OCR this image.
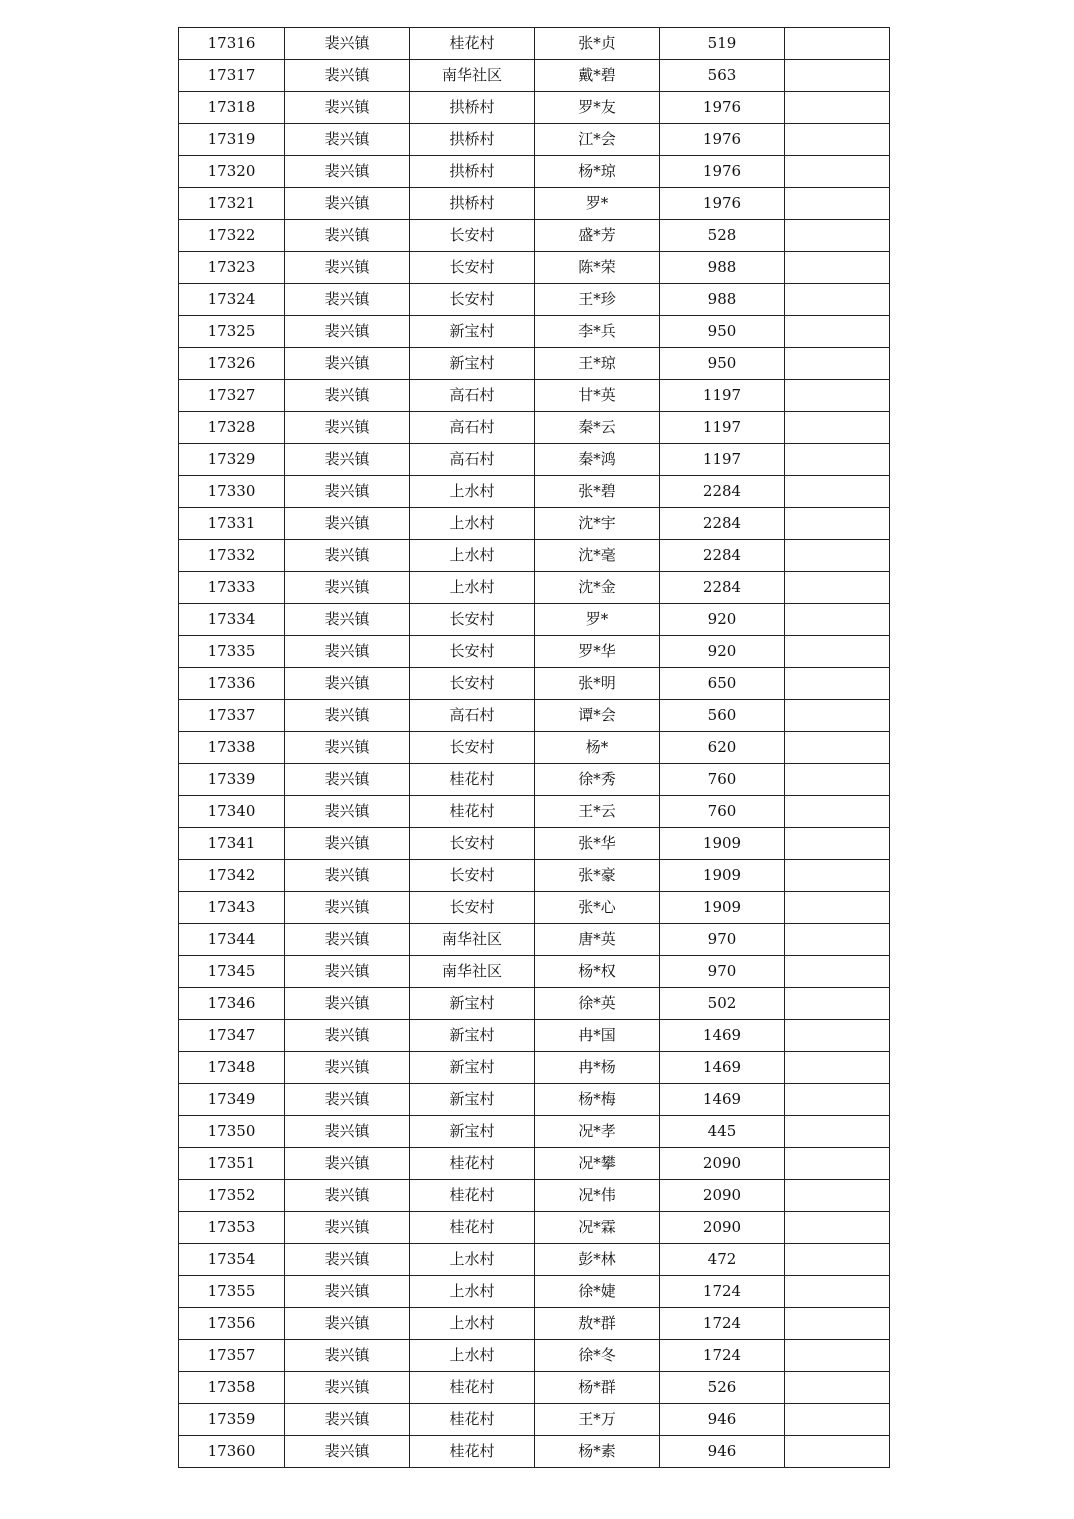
17316	裴兴镇	桂花村	张*贞	519	
17317	裴兴镇	南华社区	戴*碧	563	
17318	裴兴镇	拱桥村	罗*友	1976	
17319	裴兴镇	拱桥村	江*会	1976	
17320	裴兴镇	拱桥村	杨*琼	1976	
17321	裴兴镇	拱桥村	罗*	1976	
17322	裴兴镇	长安村	盛*芳	528	
17323	裴兴镇	长安村	陈*荣	988	
17324	裴兴镇	长安村	王*珍	988	
17325	裴兴镇	新宝村	李*兵	950	
17326	裴兴镇	新宝村	王*琼	950	
17327	裴兴镇	高石村	甘*英	1197	
17328	裴兴镇	高石村	秦*云	1197	
17329	裴兴镇	高石村	秦*鸿	1197	
17330	裴兴镇	上水村	张*碧	2284	
17331	裴兴镇	上水村	沈*宇	2284	
17332	裴兴镇	上水村	沈*毫	2284	
17333	裴兴镇	上水村	沈*金	2284	
17334	裴兴镇	长安村	罗*	920	
17335	裴兴镇	长安村	罗*华	920	
17336	裴兴镇	长安村	张*明	650	
17337	裴兴镇	高石村	谭*会	560	
17338	裴兴镇	长安村	杨*	620	
17339	裴兴镇	桂花村	徐*秀	760	
17340	裴兴镇	桂花村	王*云	760	
17341	裴兴镇	长安村	张*华	1909	
17342	裴兴镇	长安村	张*豪	1909	
17343	裴兴镇	长安村	张*心	1909	
17344	裴兴镇	南华社区	唐*英	970	
17345	裴兴镇	南华社区	杨*权	970	
17346	裴兴镇	新宝村	徐*英	502	
17347	裴兴镇	新宝村	冉*国	1469	
17348	裴兴镇	新宝村	冉*杨	1469	
17349	裴兴镇	新宝村	杨*梅	1469	
17350	裴兴镇	新宝村	况*孝	445	
17351	裴兴镇	桂花村	况*攀	2090	
17352	裴兴镇	桂花村	况*伟	2090	
17353	裴兴镇	桂花村	况*霖	2090	
17354	裴兴镇	上水村	彭*林	472	
17355	裴兴镇	上水村	徐*婕	1724	
17356	裴兴镇	上水村	敖*群	1724	
17357	裴兴镇	上水村	徐*冬	1724	
17358	裴兴镇	桂花村	杨*群	526	
17359	裴兴镇	桂花村	王*万	946	
17360	裴兴镇	桂花村	杨*素	946	
